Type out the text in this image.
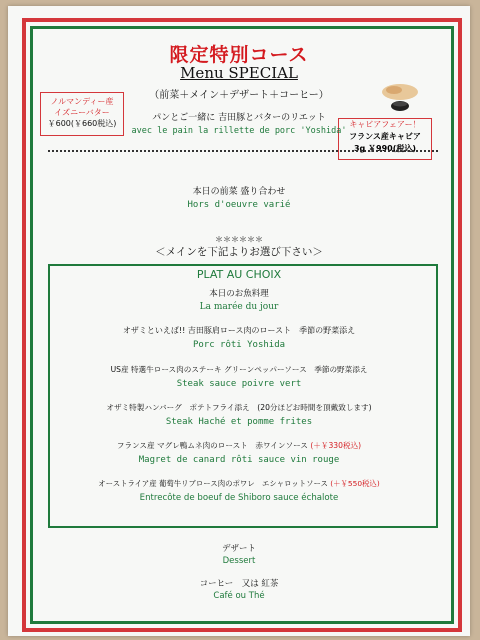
限定特別コース
Menu SPECIAL
（前菜＋メイン＋デザート＋コーヒー）
ノルマンディー産
イズニーバター
￥600(￥660税込)	キャビアフェアー！
フランス産キャビア
3g ￥990(税込)
パンとご一緒に 吉田豚とバターのリエット
avec le pain la rillette de porc 'Yoshida'
本日の前菜 盛り合わせ
Hors d'oeuvre varié
＊＊＊＊＊＊
＜メインを下記よりお選び下さい＞
PLAT AU CHOIX
本日のお魚料理
La marée du jour
オザミといえば!! 吉田豚肩ロース肉のロースト　季節の野菜添え
Porc rôti Yoshida
US産 特選牛ロース肉のステーキ グリーンペッパーソース　季節の野菜添え
Steak sauce poivre vert
オザミ特製ハンバーグ　ポテトフライ添え　(20分ほどお時間を頂戴致します)
Steak Haché et pomme frites
フランス産 マグレ鴨ムネ肉のロースト　赤ワインソース (＋￥330税込)
Magret de canard rôti sauce vin rouge
オーストライア産 葡萄牛リブロース肉のポワレ　エシャロットソース (＋￥550税込)
Entrecôte de boeuf de Shiboro sauce échalote
デザート
Dessert
コーヒー　又は 紅茶
Café ou Thé
